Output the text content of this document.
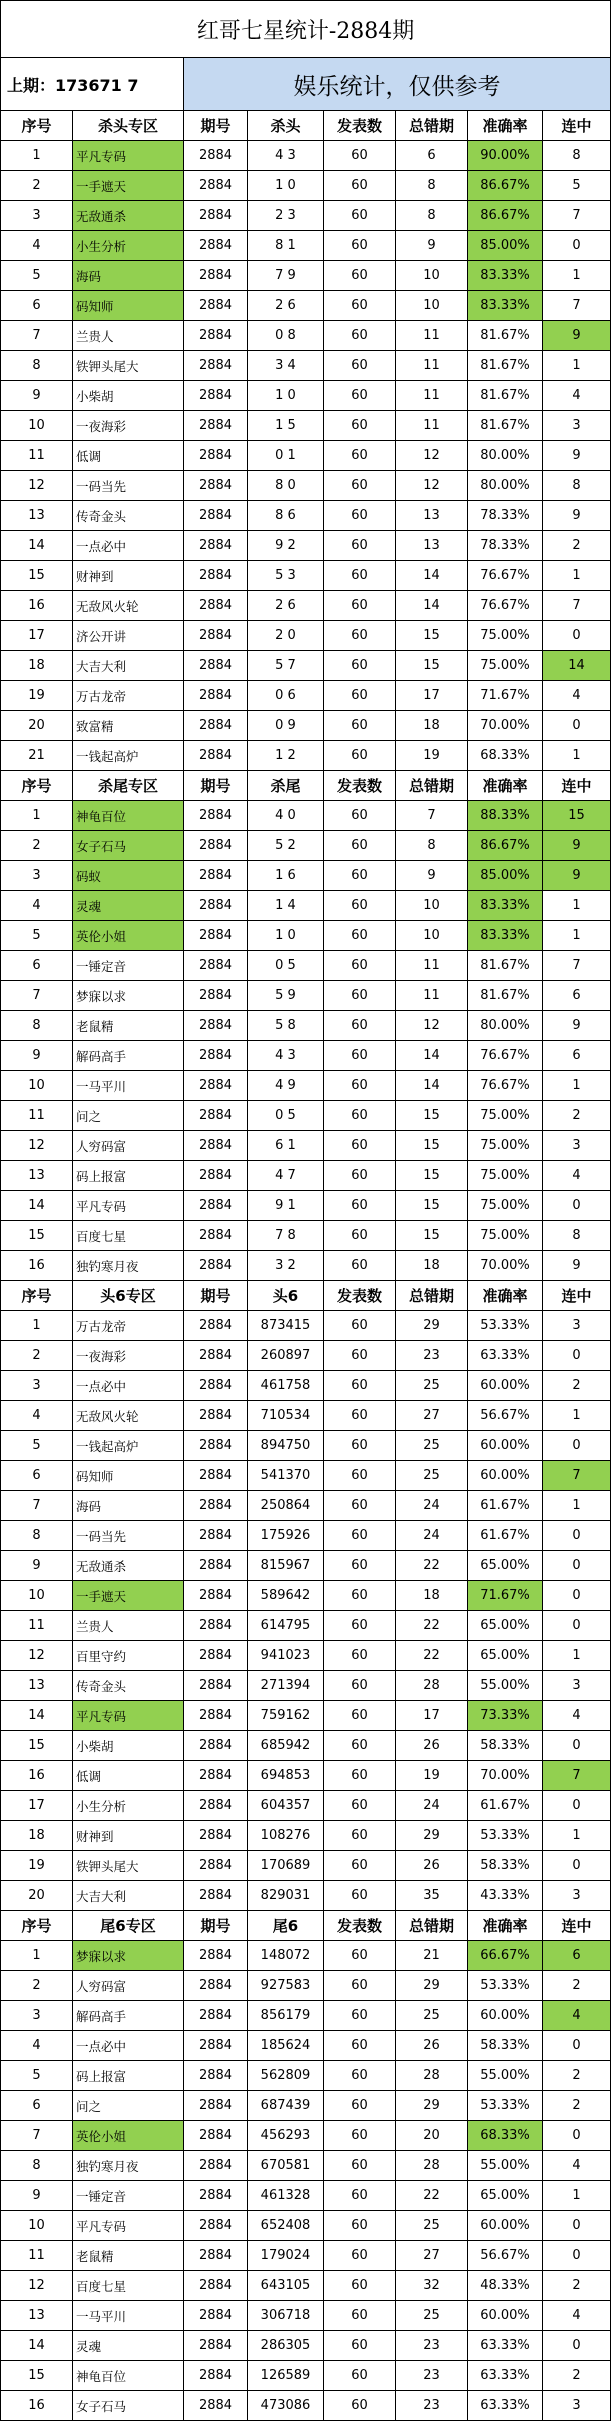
红哥七星统计-2884期							
上期：173671 7		娱乐统计，仅供参考					
序号	杀头专区	期号	杀头	发表数	总错期	准确率	连中
1	平凡专码	2884	4 3	60	6	90.00%	8
2	一手遮天	2884	1 0	60	8	86.67%	5
3	无敌通杀	2884	2 3	60	8	86.67%	7
4	小生分析	2884	8 1	60	9	85.00%	0
5	海码	2884	7 9	60	10	83.33%	1
6	码知师	2884	2 6	60	10	83.33%	7
7	兰贵人	2884	0 8	60	11	81.67%	9
8	铁钾头尾大	2884	3 4	60	11	81.67%	1
9	小柴胡	2884	1 0	60	11	81.67%	4
10	一夜海彩	2884	1 5	60	11	81.67%	3
11	低调	2884	0 1	60	12	80.00%	9
12	一码当先	2884	8 0	60	12	80.00%	8
13	传奇金头	2884	8 6	60	13	78.33%	9
14	一点必中	2884	9 2	60	13	78.33%	2
15	财神到	2884	5 3	60	14	76.67%	1
16	无敌风火轮	2884	2 6	60	14	76.67%	7
17	济公开讲	2884	2 0	60	15	75.00%	0
18	大吉大利	2884	5 7	60	15	75.00%	14
19	万古龙帝	2884	0 6	60	17	71.67%	4
20	致富精	2884	0 9	60	18	70.00%	0
21	一钱起高炉	2884	1 2	60	19	68.33%	1
序号	杀尾专区	期号	杀尾	发表数	总错期	准确率	连中
1	神龟百位	2884	4 0	60	7	88.33%	15
2	女子石马	2884	5 2	60	8	86.67%	9
3	码蚁	2884	1 6	60	9	85.00%	9
4	灵魂	2884	1 4	60	10	83.33%	1
5	英伦小姐	2884	1 0	60	10	83.33%	1
6	一锤定音	2884	0 5	60	11	81.67%	7
7	梦寐以求	2884	5 9	60	11	81.67%	6
8	老鼠精	2884	5 8	60	12	80.00%	9
9	解码高手	2884	4 3	60	14	76.67%	6
10	一马平川	2884	4 9	60	14	76.67%	1
11	问之	2884	0 5	60	15	75.00%	2
12	人穷码富	2884	6 1	60	15	75.00%	3
13	码上报富	2884	4 7	60	15	75.00%	4
14	平凡专码	2884	9 1	60	15	75.00%	0
15	百度七星	2884	7 8	60	15	75.00%	8
16	独钓寒月夜	2884	3 2	60	18	70.00%	9
序号	头6专区	期号	头6	发表数	总错期	准确率	连中
1	万古龙帝	2884	873415	60	29	53.33%	3
2	一夜海彩	2884	260897	60	23	63.33%	0
3	一点必中	2884	461758	60	25	60.00%	2
4	无敌风火轮	2884	710534	60	27	56.67%	1
5	一钱起高炉	2884	894750	60	25	60.00%	0
6	码知师	2884	541370	60	25	60.00%	7
7	海码	2884	250864	60	24	61.67%	1
8	一码当先	2884	175926	60	24	61.67%	0
9	无敌通杀	2884	815967	60	22	65.00%	0
10	一手遮天	2884	589642	60	18	71.67%	0
11	兰贵人	2884	614795	60	22	65.00%	0
12	百里守约	2884	941023	60	22	65.00%	1
13	传奇金头	2884	271394	60	28	55.00%	3
14	平凡专码	2884	759162	60	17	73.33%	4
15	小柴胡	2884	685942	60	26	58.33%	0
16	低调	2884	694853	60	19	70.00%	7
17	小生分析	2884	604357	60	24	61.67%	0
18	财神到	2884	108276	60	29	53.33%	1
19	铁钾头尾大	2884	170689	60	26	58.33%	0
20	大吉大利	2884	829031	60	35	43.33%	3
序号	尾6专区	期号	尾6	发表数	总错期	准确率	连中
1	梦寐以求	2884	148072	60	21	66.67%	6
2	人穷码富	2884	927583	60	29	53.33%	2
3	解码高手	2884	856179	60	25	60.00%	4
4	一点必中	2884	185624	60	26	58.33%	0
5	码上报富	2884	562809	60	28	55.00%	2
6	问之	2884	687439	60	29	53.33%	2
7	英伦小姐	2884	456293	60	20	68.33%	0
8	独钓寒月夜	2884	670581	60	28	55.00%	4
9	一锤定音	2884	461328	60	22	65.00%	1
10	平凡专码	2884	652408	60	25	60.00%	0
11	老鼠精	2884	179024	60	27	56.67%	0
12	百度七星	2884	643105	60	32	48.33%	2
13	一马平川	2884	306718	60	25	60.00%	4
14	灵魂	2884	286305	60	23	63.33%	0
15	神龟百位	2884	126589	60	23	63.33%	2
16	女子石马	2884	473086	60	23	63.33%	3
